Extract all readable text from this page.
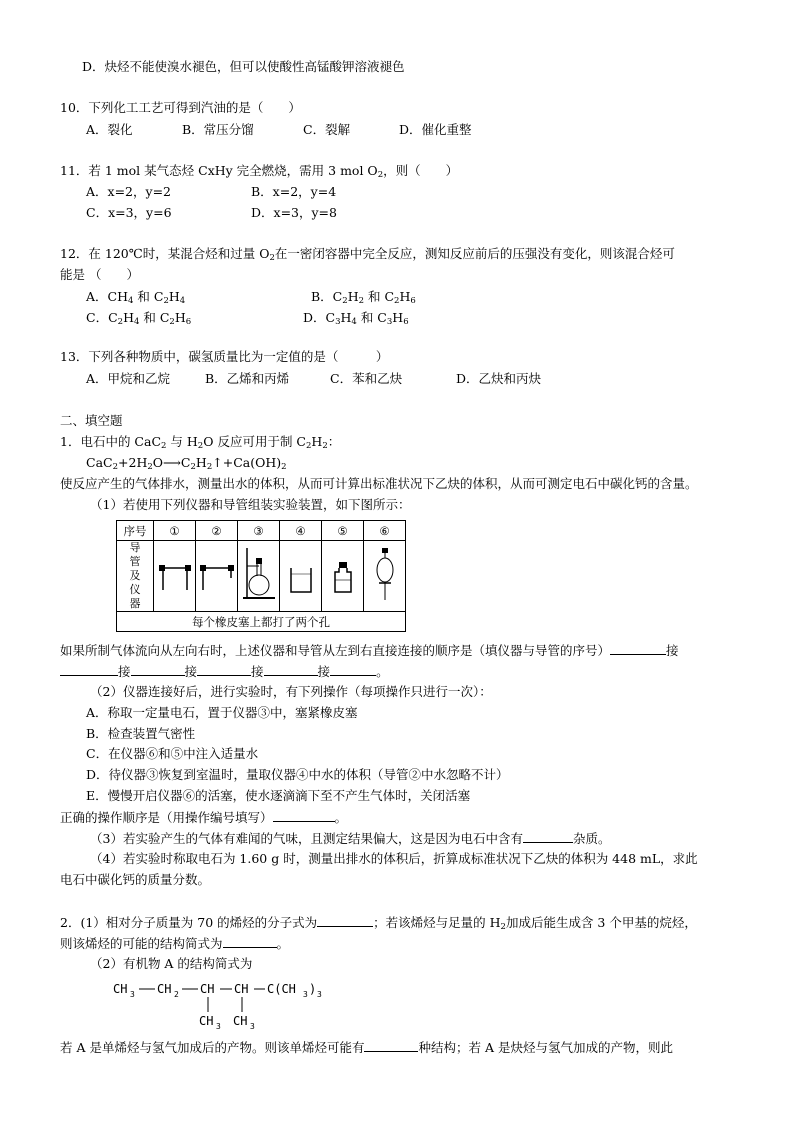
D．炔烃不能使溴水褪色，但可以使酸性高锰酸钾溶液褪色
10．下列化工工艺可得到汽油的是（　　）
A．裂化	B．常压分馏	C．裂解	D．催化重整
11．若 1 mol 某气态烃 CxHy 完全燃烧，需用 3 mol $O_2$，则（　　）
A．x=2，y=2	B．x=2，y=4
C．x=3，y=6	D．x=3，y=8
12．在 120℃时，某混合烃和过量 $O_2$在一密闭容器中完全反应，测知反应前后的压强没有变化，则该混合烃可
能是 （　　）
A．$CH_4$ 和 $C_2H_4$	B．$C_2H_2$ 和 $C_2H_6$
C．$C_2H_4$ 和 $C_2H_6$	D．$C_3H_4$ 和 $C_3H_6$
13．下列各种物质中，碳氢质量比为一定值的是（　　　）
A．甲烷和乙烷	B．乙烯和丙烯	C．苯和乙炔	D．乙炔和丙炔
二、填空题
1．电石中的 CaC$_2$ 与 $H_2O$ 反应可用于制 $C_2H_2$：
$CaC_2+2H_2O⟶C_2H_2↑+Ca(OH)_2$
使反应产生的气体排水，测量出水的体积，从而可计算出标准状况下乙炔的体积，从而可测定电石中碳化钙的含量。
（1）若使用下列仪器和导管组装实验装置，如下图所示：
序号	①	②	③	④	⑤	⑥

导管及仪器

每个橡皮塞上都打了两个孔						
如果所制气体流向从左向右时，上述仪器和导管从左到右直接连接的顺序是（填仪器与导管的序号）	接
接	接	接	接	。
（2）仪器连接好后，进行实验时，有下列操作（每项操作只进行一次）：
A．称取一定量电石，置于仪器③中，塞紧橡皮塞
B．检查装置气密性
C．在仪器⑥和⑤中注入适量水
D．待仪器③恢复到室温时，量取仪器④中水的体积（导管②中水忽略不计）
E．慢慢开启仪器⑥的活塞，使水逐滴滴下至不产生气体时，关闭活塞
正确的操作顺序是（用操作编号填写）	。
（3）若实验产生的气体有难闻的气味，且测定结果偏大，这是因为电石中含有	杂质。
（4）若实验时称取电石为 1.60 g 时，测量出排水的体积后，折算成标准状况下乙炔的体积为 448 mL，求此
电石中碳化钙的质量分数。
2．(1）相对分子质量为 70 的烯烃的分子式为	；若该烯烃与足量的 $H_2$加成后能生成含 3 个甲基的烷烃，
则该烯烃的可能的结构简式为	。
（2）有机物 A 的结构简式为
CH 3 CH 2 CH CH C(CH 3 ) 3
CH 3 CH 3
若 A 是单烯烃与氢气加成后的产物。则该单烯烃可能有	种结构；若 A 是炔烃与氢气加成的产物，则此
